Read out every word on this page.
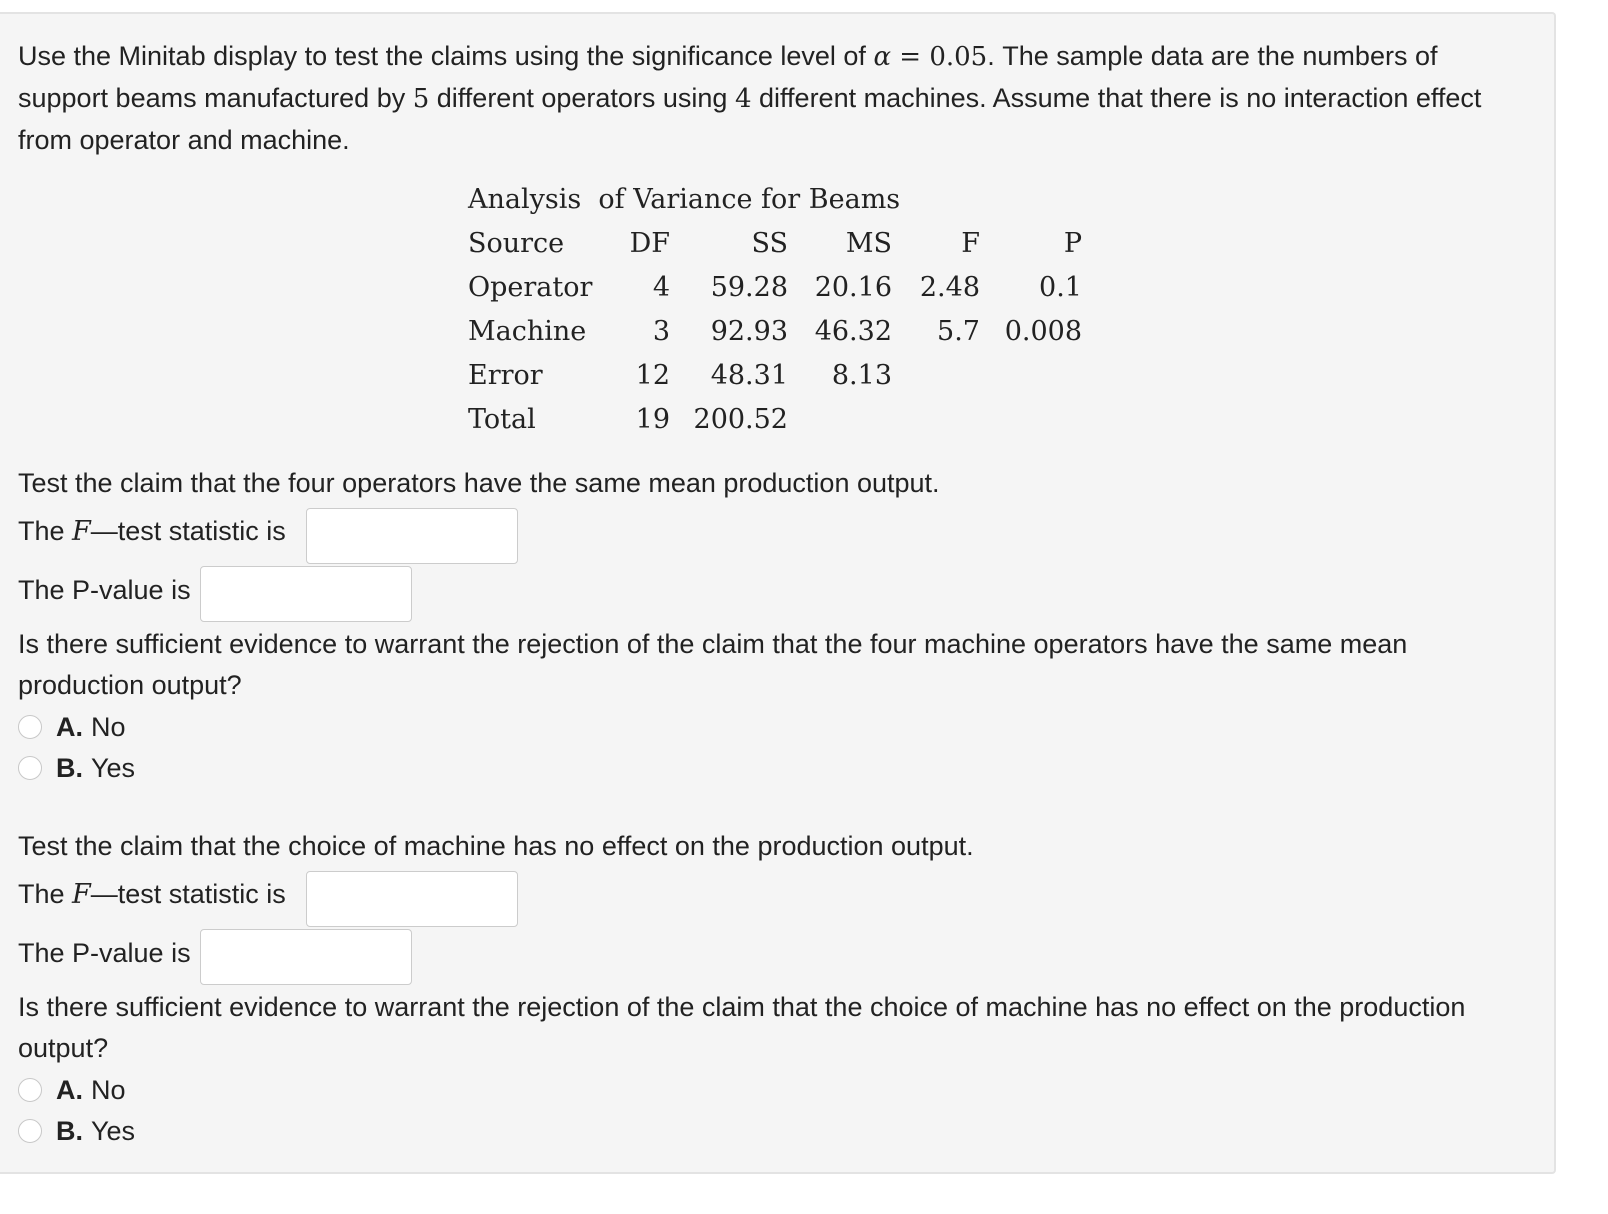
Use the Minitab display to test the claims using the significance level of α = 0.05. The sample data are the numbers of support beams manufactured by 5 different operators using 4 different machines. Assume that there is no interaction effect from operator and machine.
Analysis  of Variance for Beams
Source	DF	SS	MS	F	P
Operator	4	59.28	20.16	2.48	0.1
Machine	3	92.93	46.32	5.7	0.008
Error	12	48.31	8.13		
Total	19	200.52			
Test the claim that the four operators have the same mean production output.
The F—test statistic is
The P-value is
Is there sufficient evidence to warrant the rejection of the claim that the four machine operators have the same mean production output?
A. No
B. Yes
Test the claim that the choice of machine has no effect on the production output.
The F—test statistic is
The P-value is
Is there sufficient evidence to warrant the rejection of the claim that the choice of machine has no effect on the production output?
A. No
B. Yes
